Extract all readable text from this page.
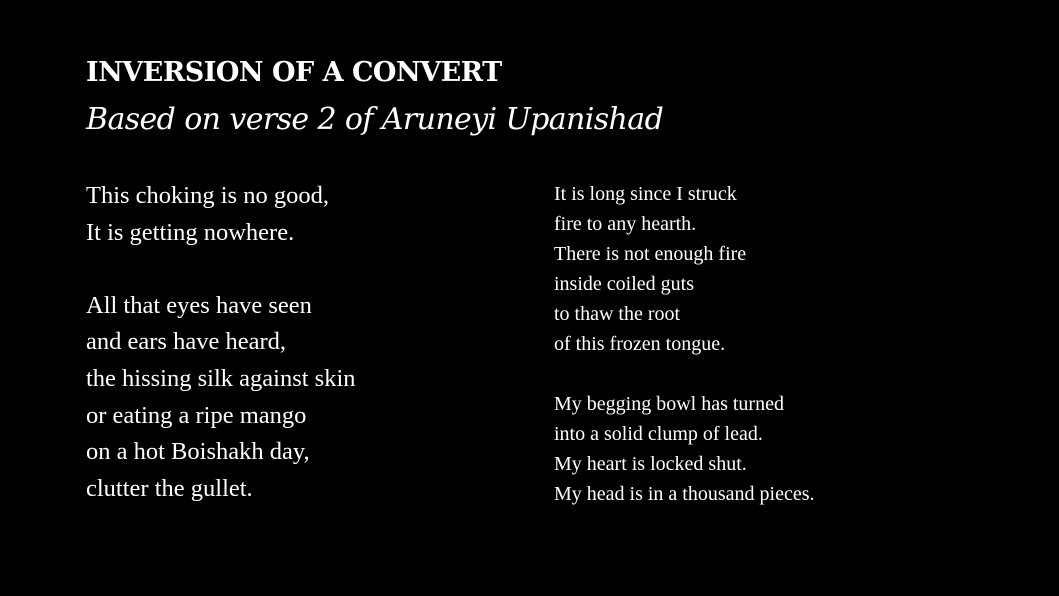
INVERSION OF A CONVERT
Based on verse 2 of Aruneyi Upanishad
This choking is no good,
It is getting nowhere.
All that eyes have seen
and ears have heard,
the hissing silk against skin
or eating a ripe mango
on a hot Boishakh day,
clutter the gullet.
It is long since I struck
fire to any hearth.
There is not enough fire
inside coiled guts
to thaw the root
of this frozen tongue.
My begging bowl has turned
into a solid clump of lead.
My heart is locked shut.
My head is in a thousand pieces.
